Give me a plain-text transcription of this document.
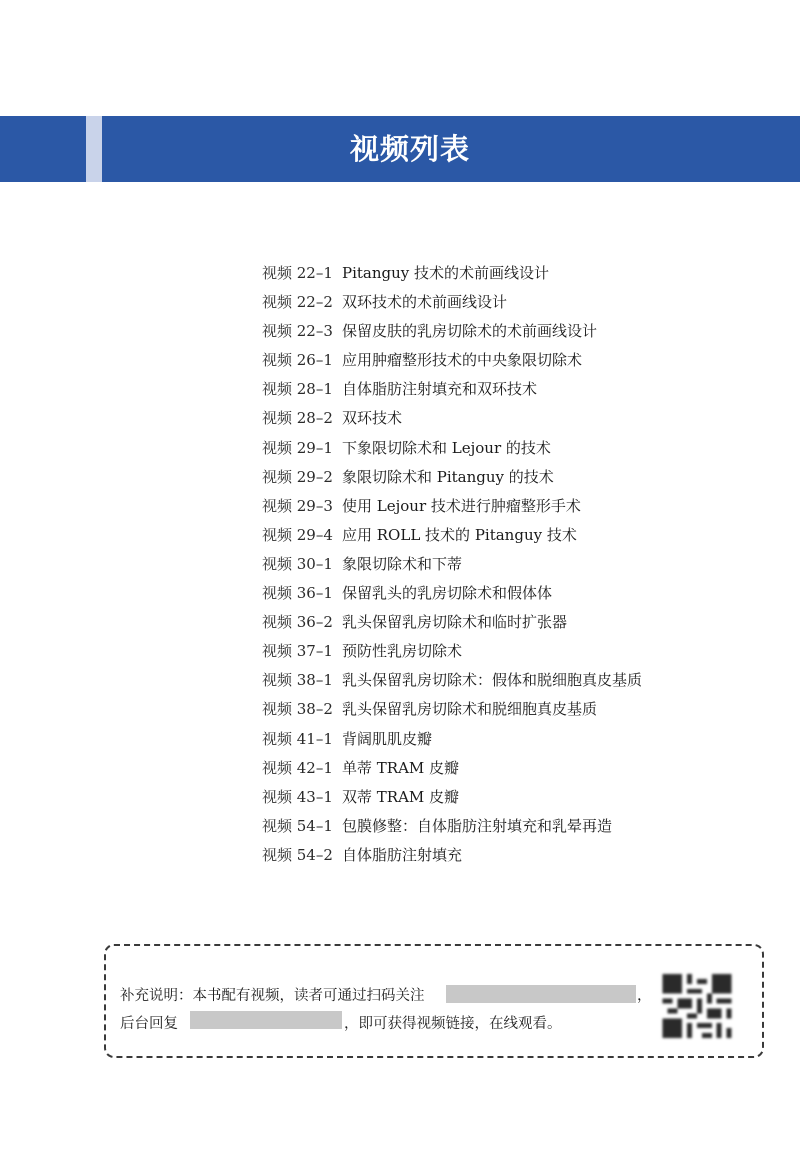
视频列表
视频 22–1 Pitanguy 技术的术前画线设计
视频 22–2 双环技术的术前画线设计
视频 22–3 保留皮肤的乳房切除术的术前画线设计
视频 26–1 应用肿瘤整形技术的中央象限切除术
视频 28–1 自体脂肪注射填充和双环技术
视频 28–2 双环技术
视频 29–1 下象限切除术和 Lejour 的技术
视频 29–2 象限切除术和 Pitanguy 的技术
视频 29–3 使用 Lejour 技术进行肿瘤整形手术
视频 29–4 应用 ROLL 技术的 Pitanguy 技术
视频 30–1 象限切除术和下蒂
视频 36–1 保留乳头的乳房切除术和假体体
视频 36–2 乳头保留乳房切除术和临时扩张器
视频 37–1 预防性乳房切除术
视频 38–1 乳头保留乳房切除术：假体和脱细胞真皮基质
视频 38–2 乳头保留乳房切除术和脱细胞真皮基质
视频 41–1 背阔肌肌皮瓣
视频 42–1 单蒂 TRAM 皮瓣
视频 43–1 双蒂 TRAM 皮瓣
视频 54–1 包膜修整：自体脂肪注射填充和乳晕再造
视频 54–2 自体脂肪注射填充
补充说明：本书配有视频，读者可通过扫码关注	，
后台回复	，即可获得视频链接，在线观看。
